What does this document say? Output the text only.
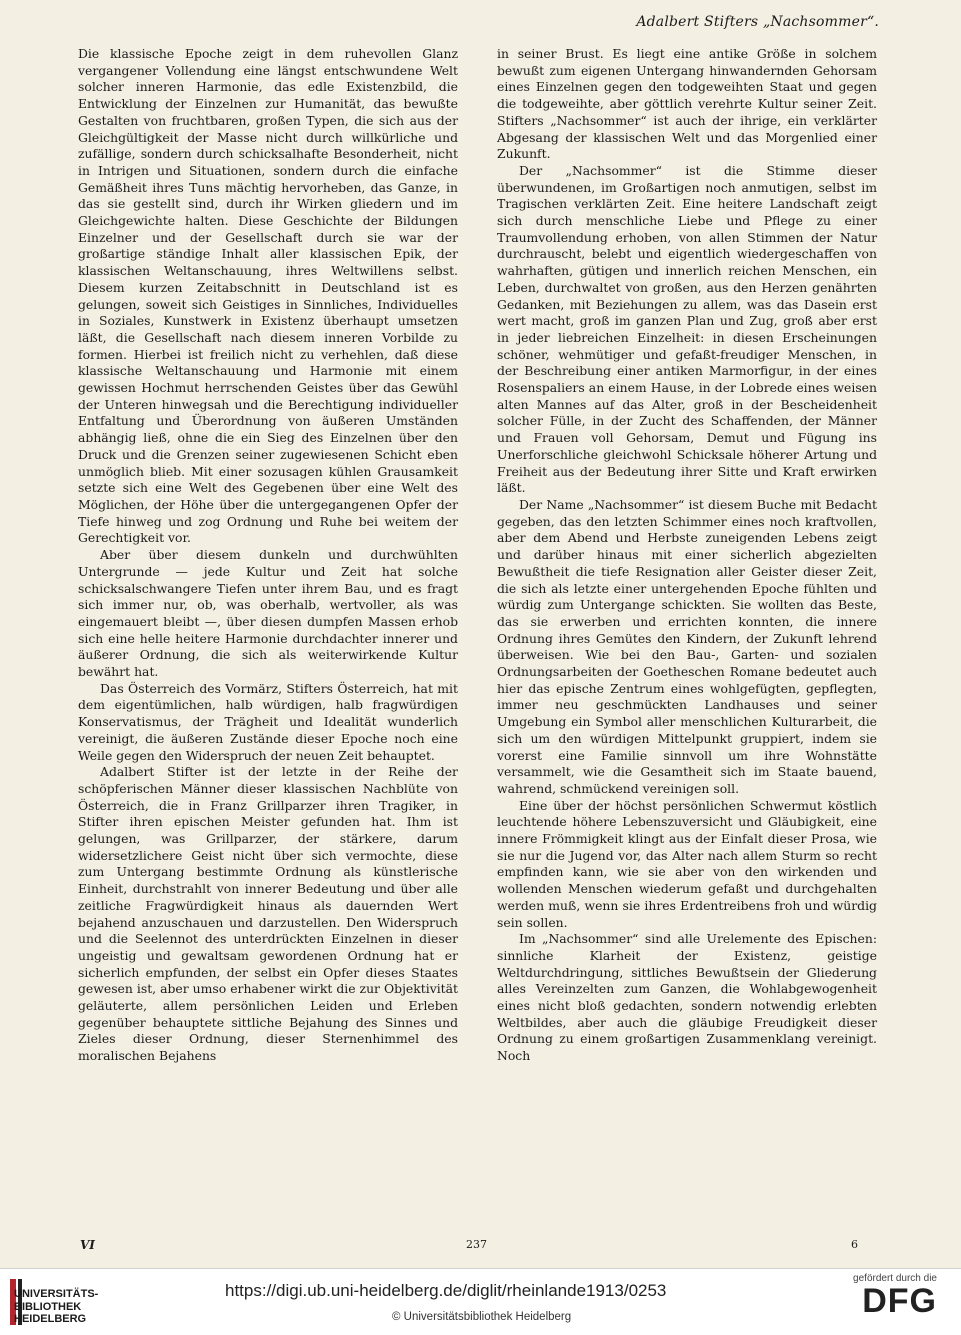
Adalbert Stifters „Nachsommer“.

Die klassische Epoche zeigt in dem ruhevollen Glanz vergangener Vollendung eine längst entschwundene Welt solcher inneren Harmonie, das edle Existenzbild, die Entwicklung der Einzelnen zur Humanität, das bewußte Gestalten von fruchtbaren, großen Typen, die sich aus der Gleichgültigkeit der Masse nicht durch willkürliche und zufällige, sondern durch schicksalhafte Besonderheit, nicht in Intrigen und Situationen, sondern durch die einfache Gemäßheit ihres Tuns mächtig hervorheben, das Ganze, in das sie gestellt sind, durch ihr Wirken gliedern und im Gleichgewichte halten. Diese Geschichte der Bildungen Einzelner und der Gesellschaft durch sie war der großartige ständige Inhalt aller klassischen Epik, der klassischen Weltanschauung, ihres Weltwillens selbst. Diesem kurzen Zeitabschnitt in Deutschland ist es gelungen, soweit sich Geistiges in Sinnliches, Individuelles in Soziales, Kunstwerk in Existenz überhaupt umsetzen läßt, die Gesellschaft nach diesem inneren Vorbilde zu formen. Hierbei ist freilich nicht zu verhehlen, daß diese klassische Weltanschauung und Harmonie mit einem gewissen Hochmut herrschenden Geistes über das Gewühl der Unteren hinwegsah und die Berechtigung individueller Entfaltung und Überordnung von äußeren Umständen abhängig ließ, ohne die ein Sieg des Einzelnen über den Druck und die Grenzen seiner zugewiesenen Schicht eben unmöglich blieb. Mit einer sozusagen kühlen Grausamkeit setzte sich eine Welt des Gegebenen über eine Welt des Möglichen, der Höhe über die untergegangenen Opfer der Tiefe hinweg und zog Ordnung und Ruhe bei weitem der Gerechtigkeit vor.

Aber über diesem dunkeln und durchwühlten Untergrunde — jede Kultur und Zeit hat solche schicksalschwangere Tiefen unter ihrem Bau, und es fragt sich immer nur, ob, was oberhalb, wertvoller, als was eingemauert bleibt —, über diesen dumpfen Massen erhob sich eine helle heitere Harmonie durchdachter innerer und äußerer Ordnung, die sich als weiterwirkende Kultur bewährt hat.

Das Österreich des Vormärz, Stifters Österreich, hat mit dem eigentümlichen, halb würdigen, halb fragwürdigen Konservatismus, der Trägheit und Idealität wunderlich vereinigt, die äußeren Zustände dieser Epoche noch eine Weile gegen den Widerspruch der neuen Zeit behauptet.

Adalbert Stifter ist der letzte in der Reihe der schöpferischen Männer dieser klassischen Nachblüte von Österreich, die in Franz Grillparzer ihren Tragiker, in Stifter ihren epischen Meister gefunden hat. Ihm ist gelungen, was Grillparzer, der stärkere, darum widersetzlichere Geist nicht über sich vermochte, diese zum Untergang bestimmte Ordnung als künstlerische Einheit, durchstrahlt von innerer Bedeutung und über alle zeitliche Fragwürdigkeit hinaus als dauernden Wert bejahend anzuschauen und darzustellen. Den Widerspruch und die Seelennot des unterdrückten Einzelnen in dieser ungeistig und gewaltsam gewordenen Ordnung hat er sicherlich empfunden, der selbst ein Opfer dieses Staates gewesen ist, aber umso erhabener wirkt die zur Objektivität geläuterte, allem persönlichen Leiden und Erleben gegenüber behauptete sittliche Bejahung des Sinnes und Zieles dieser Ordnung, dieser Sternenhimmel des moralischen Bejahens

in seiner Brust. Es liegt eine antike Größe in solchem bewußt zum eigenen Untergang hinwandernden Gehorsam eines Einzelnen gegen den todgeweihten Staat und gegen die todgeweihte, aber göttlich verehrte Kultur seiner Zeit. Stifters „Nachsommer“ ist auch der ihrige, ein verklärter Abgesang der klassischen Welt und das Morgenlied einer Zukunft.

Der „Nachsommer“ ist die Stimme dieser überwundenen, im Großartigen noch anmutigen, selbst im Tragischen verklärten Zeit. Eine heitere Landschaft zeigt sich durch menschliche Liebe und Pflege zu einer Traumvollendung erhoben, von allen Stimmen der Natur durchrauscht, belebt und eigentlich wiedergeschaffen von wahrhaften, gütigen und innerlich reichen Menschen, ein Leben, durchwaltet von großen, aus den Herzen genährten Gedanken, mit Beziehungen zu allem, was das Dasein erst wert macht, groß im ganzen Plan und Zug, groß aber erst in jeder liebreichen Einzelheit: in diesen Erscheinungen schöner, wehmütiger und gefaßt-freudiger Menschen, in der Beschreibung einer antiken Marmorfigur, in der eines Rosenspaliers an einem Hause, in der Lobrede eines weisen alten Mannes auf das Alter, groß in der Bescheidenheit solcher Fülle, in der Zucht des Schaffenden, der Männer und Frauen voll Gehorsam, Demut und Fügung ins Unerforschliche gleichwohl Schicksale höherer Artung und Freiheit aus der Bedeutung ihrer Sitte und Kraft erwirken läßt.

Der Name „Nachsommer“ ist diesem Buche mit Bedacht gegeben, das den letzten Schimmer eines noch kraftvollen, aber dem Abend und Herbste zuneigenden Lebens zeigt und darüber hinaus mit einer sicherlich abgezielten Bewußtheit die tiefe Resignation aller Geister dieser Zeit, die sich als letzte einer untergehenden Epoche fühlten und würdig zum Untergange schickten. Sie wollten das Beste, das sie erwerben und errichten konnten, die innere Ordnung ihres Gemütes den Kindern, der Zukunft lehrend überweisen. Wie bei den Bau-, Garten- und sozialen Ordnungsarbeiten der Goetheschen Romane bedeutet auch hier das epische Zentrum eines wohlgefügten, gepflegten, immer neu geschmückten Landhauses und seiner Umgebung ein Symbol aller menschlichen Kulturarbeit, die sich um den würdigen Mittelpunkt gruppiert, indem sie vorerst eine Familie sinnvoll um ihre Wohnstätte versammelt, wie die Gesamtheit sich im Staate bauend, wahrend, schmückend vereinigen soll.

Eine über der höchst persönlichen Schwermut köstlich leuchtende höhere Lebenszuversicht und Gläubigkeit, eine innere Frömmigkeit klingt aus der Einfalt dieser Prosa, wie sie nur die Jugend vor, das Alter nach allem Sturm so recht empfinden kann, wie sie aber von den wirkenden und wollenden Menschen wiederum gefaßt und durchgehalten werden muß, wenn sie ihres Erdentreibens froh und würdig sein sollen.

Im „Nachsommer“ sind alle Urelemente des Epischen: sinnliche Klarheit der Existenz, geistige Weltdurchdringung, sittliches Bewußtsein der Gliederung alles Vereinzelten zum Ganzen, die Wohlabgewogenheit eines nicht bloß gedachten, sondern notwendig erlebten Weltbildes, aber auch die gläubige Freudigkeit dieser Ordnung zu einem großartigen Zusammenklang vereinigt. Noch

VI	237	6
UNIVERSITÄTS-
BIBLIOTHEK
HEIDELBERG
https://digi.ub.uni-heidelberg.de/diglit/rheinlande1913/0253
© Universitätsbibliothek Heidelberg
gefördert durch die
DFG
